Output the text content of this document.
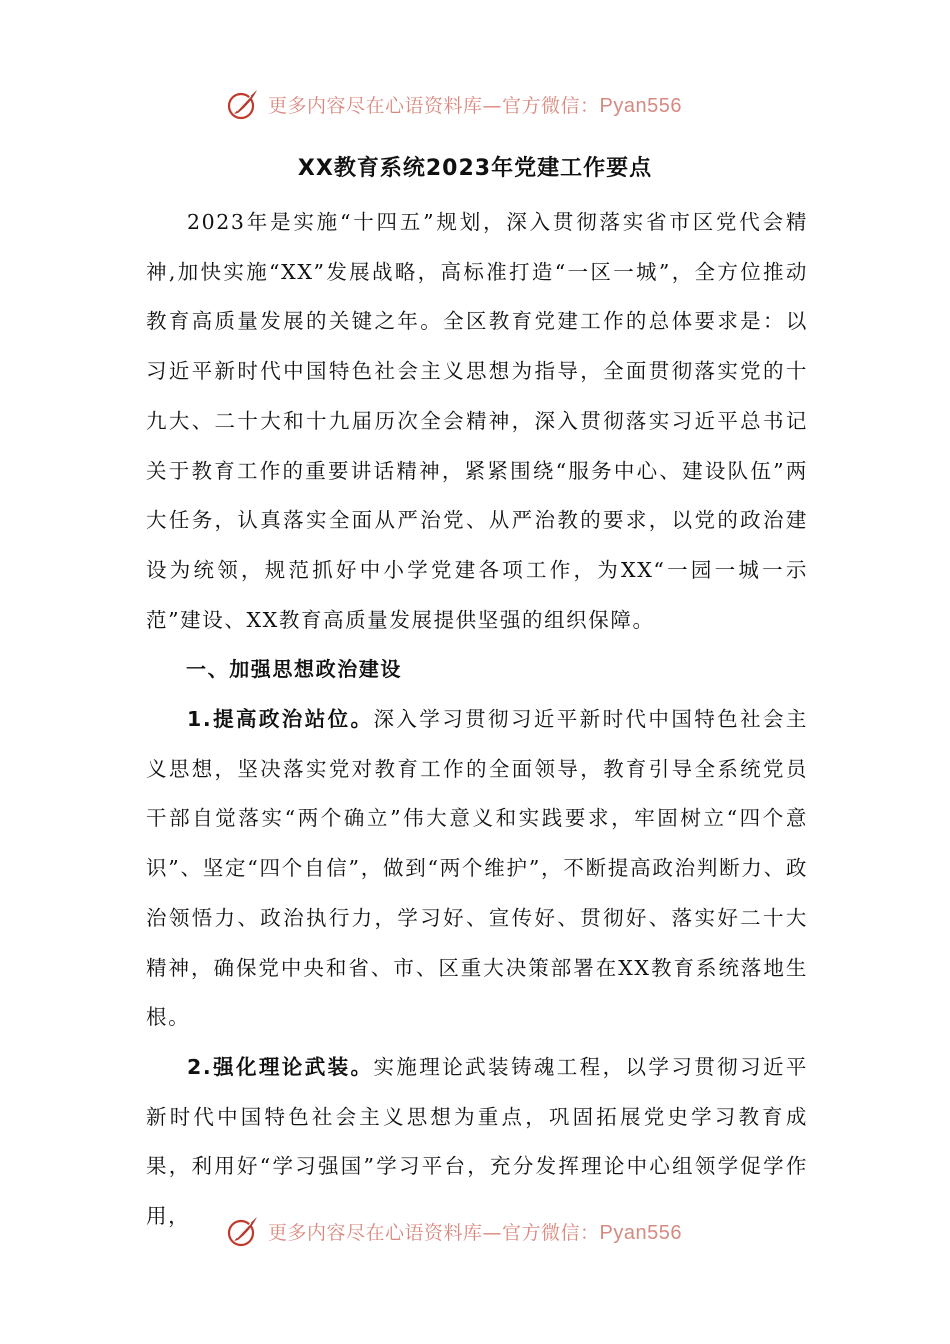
更多内容尽在心语资料库—官方微信：Pyan556
XX教育系统2023年党建工作要点

2023年是实施“十四五”规划，深入贯彻落实省市区党代会精神,加快实施“XX”发展战略，高标准打造“一区一城”，全方位推动教育高质量发展的关键之年。全区教育党建工作的总体要求是：以习近平新时代中国特色社会主义思想为指导，全面贯彻落实党的十九大、二十大和十九届历次全会精神，深入贯彻落实习近平总书记关于教育工作的重要讲话精神，紧紧围绕“服务中心、建设队伍”两大任务，认真落实全面从严治党、从严治教的要求，以党的政治建设为统领，规范抓好中小学党建各项工作，为XX“一园一城一示范”建设、XX教育高质量发展提供坚强的组织保障。

一、加强思想政治建设

1.提高政治站位。深入学习贯彻习近平新时代中国特色社会主义思想，坚决落实党对教育工作的全面领导，教育引导全系统党员干部自觉落实“两个确立”伟大意义和实践要求，牢固树立“四个意识”、坚定“四个自信”，做到“两个维护”，不断提高政治判断力、政治领悟力、政治执行力，学习好、宣传好、贯彻好、落实好二十大精神，确保党中央和省、市、区重大决策部署在XX教育系统落地生根。

2.强化理论武装。实施理论武装铸魂工程，以学习贯彻习近平新时代中国特色社会主义思想为重点，巩固拓展党史学习教育成果，利用好“学习强国”学习平台，充分发挥理论中心组领学促学作用，

更多内容尽在心语资料库—官方微信：Pyan556
